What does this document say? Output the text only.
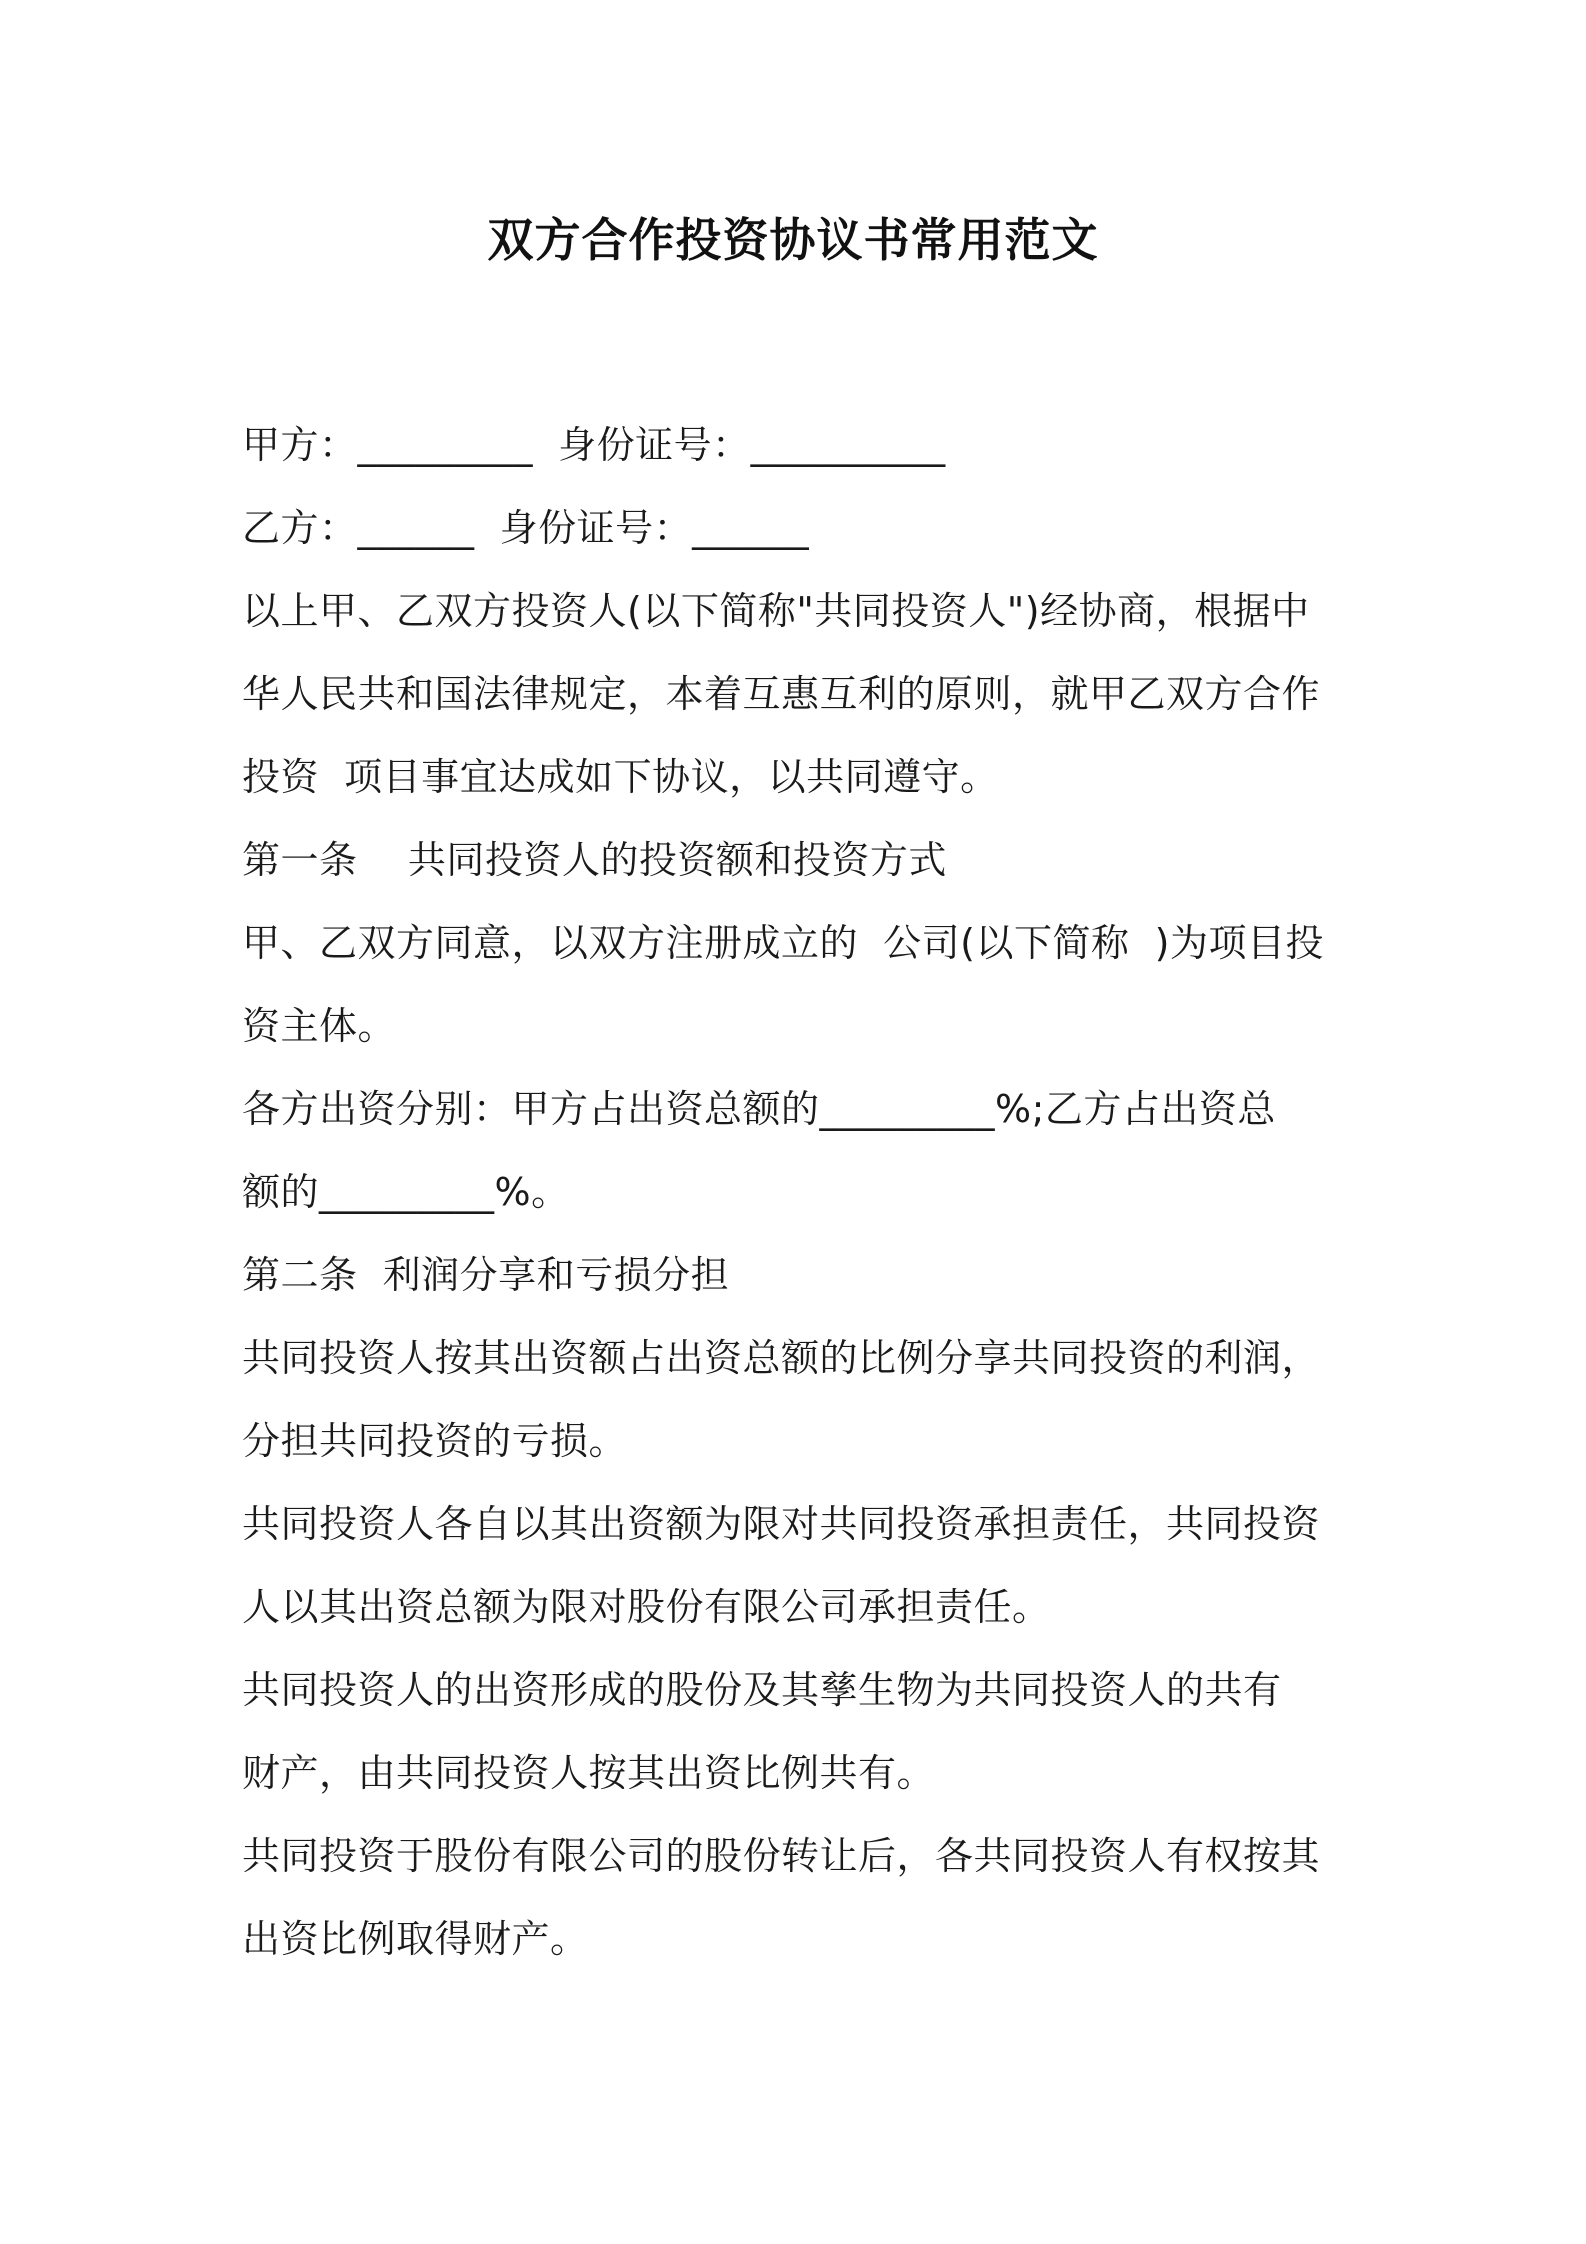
双方合作投资协议书常用范文
甲方：_________  身份证号：__________
乙方：______  身份证号：______
以上甲、乙双方投资人(以下简称"共同投资人")经协商，根据中
华人民共和国法律规定，本着互惠互利的原则，就甲乙双方合作
投资  项目事宜达成如下协议，以共同遵守。
第一条    共同投资人的投资额和投资方式
甲、乙双方同意，以双方注册成立的  公司(以下简称  )为项目投
资主体。
各方出资分别：甲方占出资总额的_________%;乙方占出资总
额的_________%。
第二条  利润分享和亏损分担
共同投资人按其出资额占出资总额的比例分享共同投资的利润，
分担共同投资的亏损。
共同投资人各自以其出资额为限对共同投资承担责任，共同投资
人以其出资总额为限对股份有限公司承担责任。
共同投资人的出资形成的股份及其孳生物为共同投资人的共有
财产，由共同投资人按其出资比例共有。
共同投资于股份有限公司的股份转让后，各共同投资人有权按其
出资比例取得财产。
